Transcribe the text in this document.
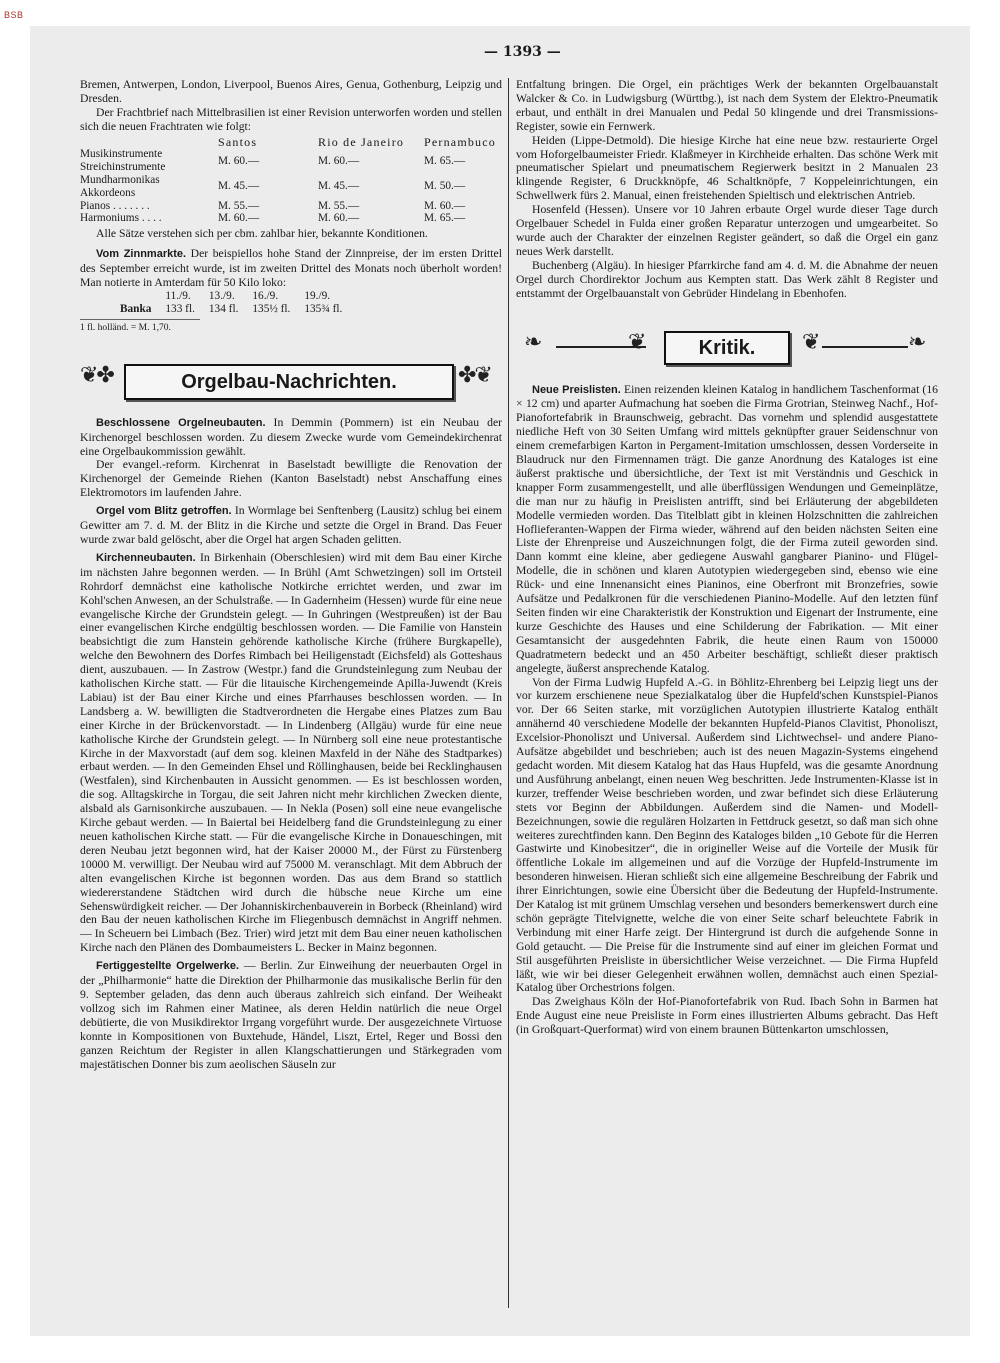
BSB
— 1393 —

Bremen, Antwerpen, London, Liverpool, Buenos Aires, Genua, Gothenburg, Leipzig und Dresden.

Der Frachtbrief nach Mittelbrasilien ist einer Revision unterworfen worden und stellen sich die neuen Frachtraten wie folgt:

	Santos	Rio de Janeiro	Pernambuco
Musikinstrumente
Streichinstrumente	M. 60.—	M. 60.—	M. 65.—
Mundharmonikas
Akkordeons	M. 45.—	M. 45.—	M. 50.—
Pianos . . . . . . .	M. 55.—	M. 55.—	M. 60.—
Harmoniums . . . .	M. 60.—	M. 60.—	M. 65.—

Alle Sätze verstehen sich per cbm. zahlbar hier, bekannte Konditionen.

Vom Zinnmarkte. Der beispiellos hohe Stand der Zinnpreise, der im ersten Drittel des September erreicht wurde, ist im zweiten Drittel des Monats noch überholt worden! Man notierte in Amterdam für 50 Kilo loko:

	11./9.	13./9.	16./9.	19./9.
Banka	133 fl.	134 fl.	135½ fl.	135¾ fl.
1 fl. holländ. = M. 1,70.
❦✤	Orgelbau-Nachrichten.	✤❦

Beschlossene Orgelneubauten. In Demmin (Pommern) ist ein Neubau der Kirchenorgel beschlossen worden. Zu diesem Zwecke wurde vom Gemeindekirchenrat eine Orgelbaukommission gewählt.

Der evangel.-reform. Kirchenrat in Baselstadt bewilligte die Renovation der Kirchenorgel der Gemeinde Riehen (Kanton Baselstadt) nebst Anschaffung eines Elektromotors im laufenden Jahre.

Orgel vom Blitz getroffen. In Wormlage bei Senftenberg (Lausitz) schlug bei einem Gewitter am 7. d. M. der Blitz in die Kirche und setzte die Orgel in Brand. Das Feuer wurde zwar bald gelöscht, aber die Orgel hat argen Schaden gelitten.

Kirchenneubauten. In Birkenhain (Oberschlesien) wird mit dem Bau einer Kirche im nächsten Jahre begonnen werden. — In Brühl (Amt Schwetzingen) soll im Ortsteil Rohrdorf demnächst eine katholische Notkirche errichtet werden, und zwar im Kohl'schen Anwesen, an der Schulstraße. — In Gadernheim (Hessen) wurde für eine neue evangelische Kirche der Grundstein gelegt. — In Guhringen (Westpreußen) ist der Bau einer evangelischen Kirche endgültig beschlossen worden. — Die Familie von Hanstein beabsichtigt die zum Hanstein gehörende katholische Kirche (frühere Burgkapelle), welche den Bewohnern des Dorfes Rimbach bei Heiligenstadt (Eichsfeld) als Gotteshaus dient, auszubauen. — In Zastrow (Westpr.) fand die Grundsteinlegung zum Neubau der katholischen Kirche statt. — Für die litauische Kirchengemeinde Apilla-Juwendt (Kreis Labiau) ist der Bau einer Kirche und eines Pfarrhauses beschlossen worden. — In Landsberg a. W. bewilligten die Stadtverordneten die Hergabe eines Platzes zum Bau einer Kirche in der Brückenvorstadt. — In Lindenberg (Allgäu) wurde für eine neue katholische Kirche der Grundstein gelegt. — In Nürnberg soll eine neue protestantische Kirche in der Maxvorstadt (auf dem sog. kleinen Maxfeld in der Nähe des Stadtparkes) erbaut werden. — In den Gemeinden Ehsel und Röllinghausen, beide bei Recklinghausen (Westfalen), sind Kirchenbauten in Aussicht genommen. — Es ist beschlossen worden, die sog. Alltagskirche in Torgau, die seit Jahren nicht mehr kirchlichen Zwecken diente, alsbald als Garnisonkirche auszubauen. — In Nekla (Posen) soll eine neue evangelische Kirche gebaut werden. — In Baiertal bei Heidelberg fand die Grundsteinlegung zu einer neuen katholischen Kirche statt. — Für die evangelische Kirche in Donaueschingen, mit deren Neubau jetzt begonnen wird, hat der Kaiser 20000 M., der Fürst zu Fürstenberg 10000 M. verwilligt. Der Neubau wird auf 75000 M. veranschlagt. Mit dem Abbruch der alten evangelischen Kirche ist begonnen worden. Das aus dem Brand so stattlich wiedererstandene Städtchen wird durch die hübsche neue Kirche um eine Sehenswürdigkeit reicher. — Der Johanniskirchenbauverein in Borbeck (Rheinland) wird den Bau der neuen katholischen Kirche im Fliegenbusch demnächst in Angriff nehmen. — In Scheuern bei Limbach (Bez. Trier) wird jetzt mit dem Bau einer neuen katholischen Kirche nach den Plänen des Dombaumeisters L. Becker in Mainz begonnen.

Fertiggestellte Orgelwerke. — Berlin. Zur Einweihung der neuerbauten Orgel in der „Philharmonie“ hatte die Direktion der Philharmonie das musikalische Berlin für den 9. September geladen, das denn auch überaus zahlreich sich einfand. Der Weiheakt vollzog sich im Rahmen einer Matinee, als deren Heldin natürlich die neue Orgel debütierte, die von Musikdirektor Irrgang vorgeführt wurde. Der ausgezeichnete Virtuose konnte in Kompositionen von Buxtehude, Händel, Liszt, Ertel, Reger und Bossi den ganzen Reichtum der Register in allen Klangschattierungen und Stärkegraden vom majestätischen Donner bis zum aeolischen Säuseln zur

Entfaltung bringen. Die Orgel, ein prächtiges Werk der bekannten Orgelbauanstalt Walcker & Co. in Ludwigsburg (Württbg.), ist nach dem System der Elektro-Pneumatik erbaut, und enthält in drei Manualen und Pedal 50 klingende und drei Transmissions-Register, sowie ein Fernwerk.

Heiden (Lippe-Detmold). Die hiesige Kirche hat eine neue bzw. restaurierte Orgel vom Hoforgelbaumeister Friedr. Klaßmeyer in Kirchheide erhalten. Das schöne Werk mit pneumatischer Spielart und pneumatischem Regierwerk besitzt in 2 Manualen 23 klingende Register, 6 Druckknöpfe, 46 Schaltknöpfe, 7 Koppeleinrichtungen, ein Schwellwerk fürs 2. Manual, einen freistehenden Spieltisch und elektrischen Antrieb.

Hosenfeld (Hessen). Unsere vor 10 Jahren erbaute Orgel wurde dieser Tage durch Orgelbauer Schedel in Fulda einer großen Reparatur unterzogen und umgearbeitet. So wurde auch der Charakter der einzelnen Register geändert, so daß die Orgel ein ganz neues Werk darstellt.

Buchenberg (Algäu). In hiesiger Pfarrkirche fand am 4. d. M. die Abnahme der neuen Orgel durch Chordirektor Jochum aus Kempten statt. Das Werk zählt 8 Register und entstammt der Orgelbauanstalt von Gebrüder Hindelang in Ebenhofen.

❧	❦	Kritik.	❦	❧

Neue Preislisten. Einen reizenden kleinen Katalog in handlichem Taschenformat (16 × 12 cm) und aparter Aufmachung hat soeben die Firma Grotrian, Steinweg Nachf., Hof-Pianofortefabrik in Braunschweig, gebracht. Das vornehm und splendid ausgestattete niedliche Heft von 30 Seiten Umfang wird mittels geknüpfter grauer Seidenschnur von einem cremefarbigen Karton in Pergament-Imitation umschlossen, dessen Vorderseite in Blaudruck nur den Firmennamen trägt. Die ganze Anordnung des Kataloges ist eine äußerst praktische und übersichtliche, der Text ist mit Verständnis und Geschick in knapper Form zusammengestellt, und alle überflüssigen Wendungen und Gemeinplätze, die man nur zu häufig in Preislisten antrifft, sind bei Erläuterung der abgebildeten Modelle vermieden worden. Das Titelblatt gibt in kleinen Holzschnitten die zahlreichen Hoflieferanten-Wappen der Firma wieder, während auf den beiden nächsten Seiten eine Liste der Ehrenpreise und Auszeichnungen folgt, die der Firma zuteil geworden sind. Dann kommt eine kleine, aber gediegene Auswahl gangbarer Pianino- und Flügel-Modelle, die in schönen und klaren Autotypien wiedergegeben sind, ebenso wie eine Rück- und eine Innenansicht eines Pianinos, eine Oberfront mit Bronzefries, sowie Aufsätze und Pedalkronen für die verschiedenen Pianino-Modelle. Auf den letzten fünf Seiten finden wir eine Charakteristik der Konstruktion und Eigenart der Instrumente, eine kurze Geschichte des Hauses und eine Schilderung der Fabrikation. — Mit einer Gesamtansicht der ausgedehnten Fabrik, die heute einen Raum von 150000 Quadratmetern bedeckt und an 450 Arbeiter beschäftigt, schließt dieser praktisch angelegte, äußerst ansprechende Katalog.

Von der Firma Ludwig Hupfeld A.-G. in Böhlitz-Ehrenberg bei Leipzig liegt uns der vor kurzem erschienene neue Spezialkatalog über die Hupfeld'schen Kunstspiel-Pianos vor. Der 66 Seiten starke, mit vorzüglichen Autotypien illustrierte Katalog enthält annähernd 40 verschiedene Modelle der bekannten Hupfeld-Pianos Clavitist, Phonoliszt, Excelsior-Phonoliszt und Universal. Außerdem sind Lichtwechsel- und andere Piano-Aufsätze abgebildet und beschrieben; auch ist des neuen Magazin-Systems eingehend gedacht worden. Mit diesem Katalog hat das Haus Hupfeld, was die gesamte Anordnung und Ausführung anbelangt, einen neuen Weg beschritten. Jede Instrumenten-Klasse ist in kurzer, treffender Weise beschrieben worden, und zwar befindet sich diese Erläuterung stets vor Beginn der Abbildungen. Außerdem sind die Namen- und Modell-Bezeichnungen, sowie die regulären Holzarten in Fettdruck gesetzt, so daß man sich ohne weiteres zurechtfinden kann. Den Beginn des Kataloges bilden „10 Gebote für die Herren Gastwirte und Kinobesitzer“, die in origineller Weise auf die Vorteile der Musik für öffentliche Lokale im allgemeinen und auf die Vorzüge der Hupfeld-Instrumente im besonderen hinweisen. Hieran schließt sich eine allgemeine Beschreibung der Fabrik und ihrer Einrichtungen, sowie eine Übersicht über die Bedeutung der Hupfeld-Instrumente. Der Katalog ist mit grünem Umschlag versehen und besonders bemerkenswert durch eine schön geprägte Titelvignette, welche die von einer Seite scharf beleuchtete Fabrik in Verbindung mit einer Harfe zeigt. Der Hintergrund ist durch die aufgehende Sonne in Gold getaucht. — Die Preise für die Instrumente sind auf einer im gleichen Format und Stil ausgeführten Preisliste in übersichtlicher Weise verzeichnet. — Die Firma Hupfeld läßt, wie wir bei dieser Gelegenheit erwähnen wollen, demnächst auch einen Spezial-Katalog über Orchestrions folgen.

Das Zweighaus Köln der Hof-Pianofortefabrik von Rud. Ibach Sohn in Barmen hat Ende August eine neue Preisliste in Form eines illustrierten Albums gebracht. Das Heft (in Großquart-Querformat) wird von einem braunen Büttenkarton umschlossen,
